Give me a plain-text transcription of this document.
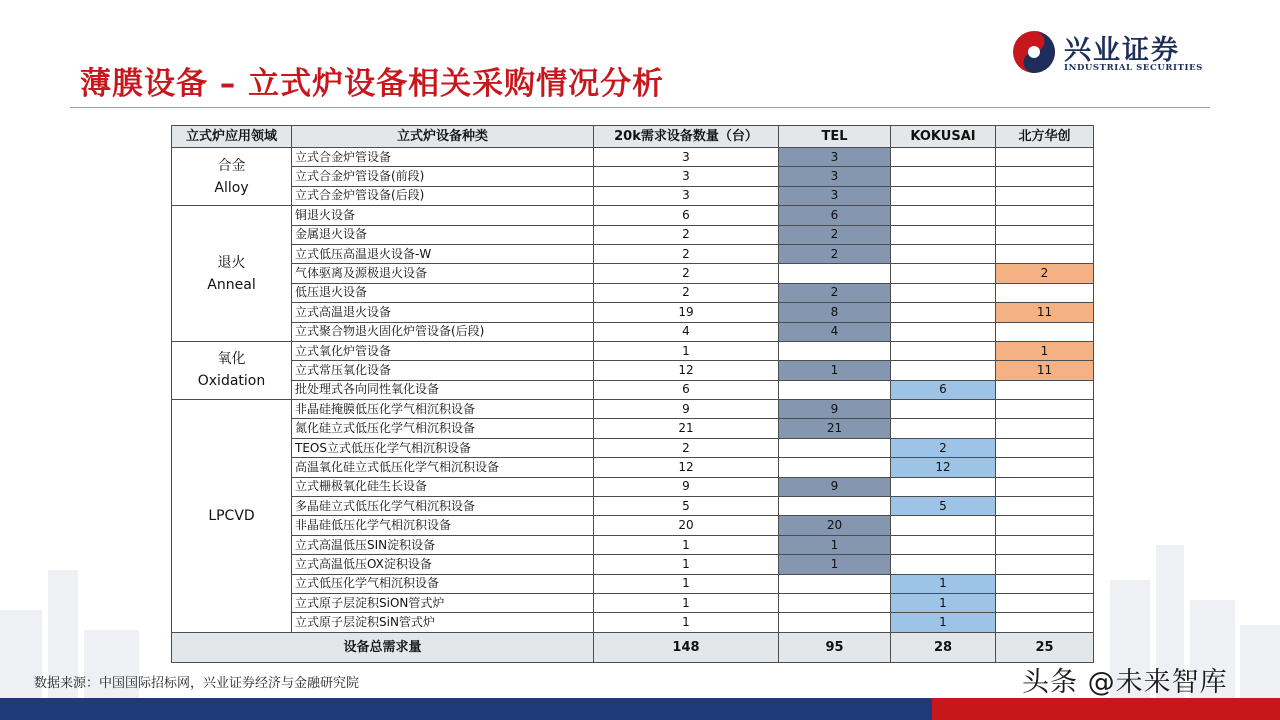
薄膜设备 – 立式炉设备相关采购情况分析
兴业证券
INDUSTRIAL SECURITIES
立式炉应用领域	立式炉设备种类	20k需求设备数量（台）	TEL	KOKUSAI	北方华创

合金
Alloy	立式合金炉管设备	3	3		
	立式合金炉管设备(前段)	3	3		
	立式合金炉管设备(后段)	3	3		

退火
Anneal	铜退火设备	6	6		
	金属退火设备	2	2		
	立式低压高温退火设备-W	2	2		
	气体驱离及源极退火设备	2			2
	低压退火设备	2	2		
	立式高温退火设备	19	8		11
	立式聚合物退火固化炉管设备(后段)	4	4		

氧化
Oxidation	立式氧化炉管设备	1			1
	立式常压氧化设备	12	1		11
	批处理式各向同性氧化设备	6		6	

LPCVD	非晶硅掩膜低压化学气相沉积设备	9	9		
	氮化硅立式低压化学气相沉积设备	21	21		
	TEOS立式低压化学气相沉积设备	2		2	
	高温氧化硅立式低压化学气相沉积设备	12		12	
	立式栅极氧化硅生长设备	9	9		
	多晶硅立式低压化学气相沉积设备	5		5	
	非晶硅低压化学气相沉积设备	20	20		
	立式高温低压SIN淀积设备	1	1		
	立式高温低压OX淀积设备	1	1		
	立式低压化学气相沉积设备	1		1	
	立式原子层淀积SiON管式炉	1		1	
	立式原子层淀积SiN管式炉	1		1	
设备总需求量		148	95	28	25
数据来源：中国国际招标网，兴业证券经济与金融研究院	头条 @未来智库
